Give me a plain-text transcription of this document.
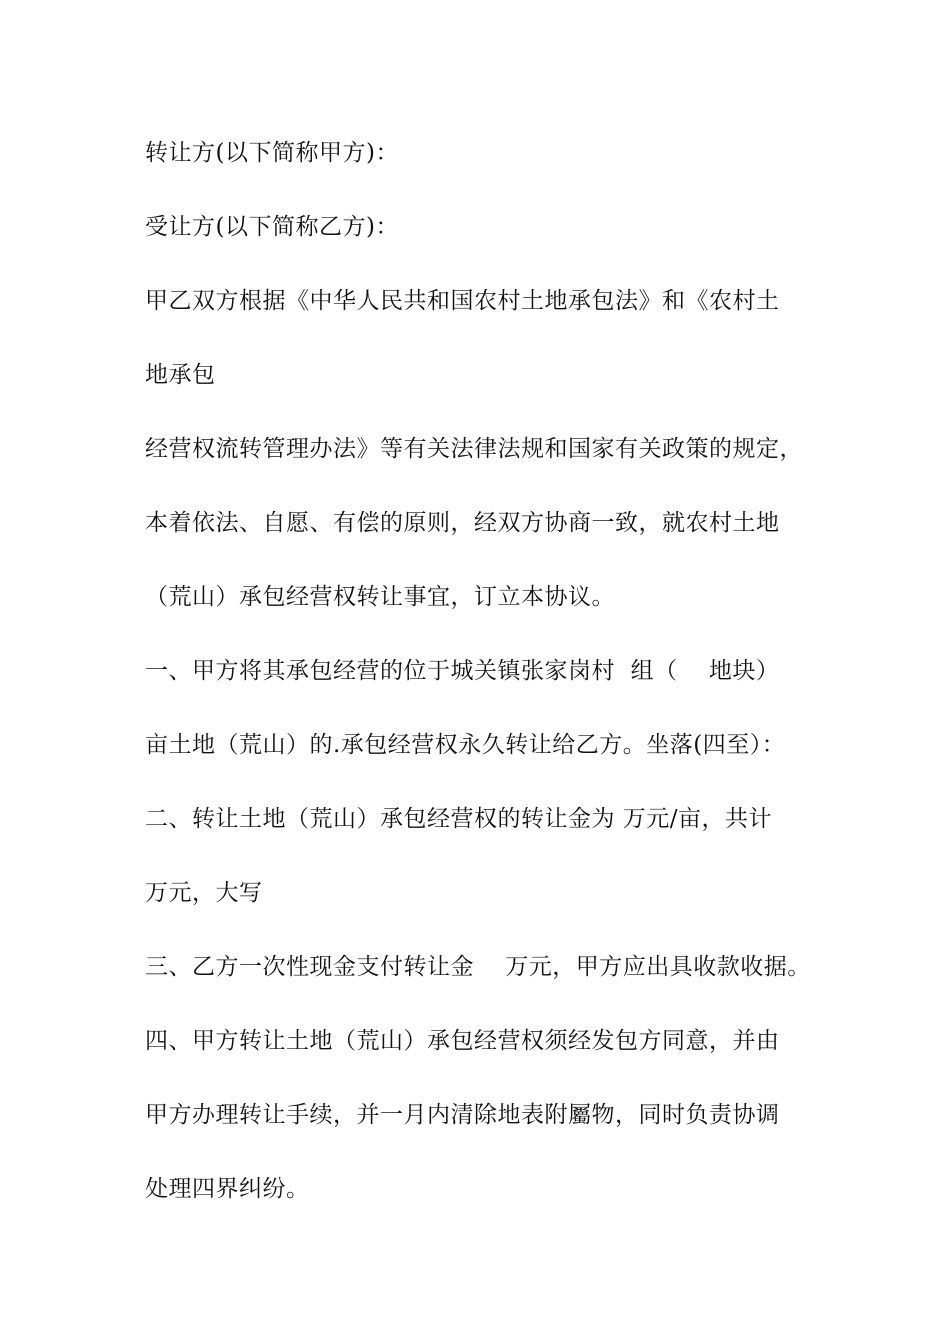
转让方(以下简称甲方)：

受让方(以下简称乙方)：

甲乙双方根据《中华人民共和国农村土地承包法》和《农村土

地承包

经营权流转管理办法》等有关法律法规和国家有关政策的规定，

本着依法、自愿、有偿的原则，经双方协商一致，就农村土地

（荒山）承包经营权转让事宜，订立本协议。

一、甲方将其承包经营的位于城关镇张家岗村  组（    地块）

亩土地（荒山）的.承包经营权永久转让给乙方。坐落(四至）：

二、转让土地（荒山）承包经营权的转让金为 万元/亩，共计

万元，大写

三、乙方一次性现金支付转让金    万元，甲方应出具收款收据。

四、甲方转让土地（荒山）承包经营权须经发包方同意，并由

甲方办理转让手续，并一月内清除地表附屬物，同时负责协调

处理四界纠纷。
